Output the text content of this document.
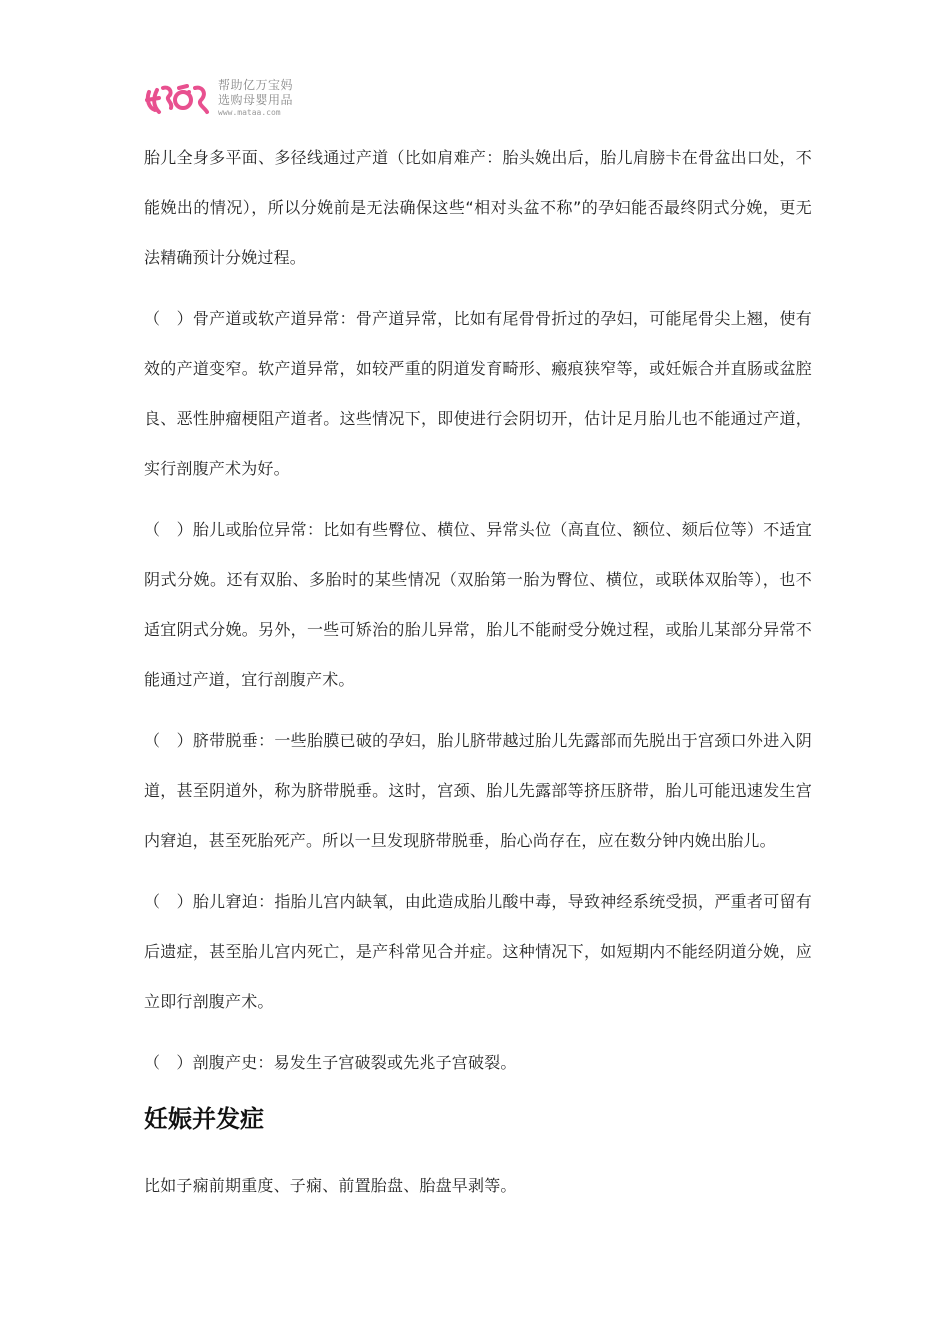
帮助亿万宝妈
选购母婴用品
www.mataa.com

胎儿全身多平面、多径线通过产道（比如肩难产：胎头娩出后，胎儿肩膀卡在骨盆出口处，不能娩出的情况），所以分娩前是无法确保这些“相对头盆不称”的孕妇能否最终阴式分娩，更无法精确预计分娩过程。

（　）骨产道或软产道异常：骨产道异常，比如有尾骨骨折过的孕妇，可能尾骨尖上翘，使有效的产道变窄。软产道异常，如较严重的阴道发育畸形、瘢痕狭窄等，或妊娠合并直肠或盆腔良、恶性肿瘤梗阻产道者。这些情况下，即使进行会阴切开，估计足月胎儿也不能通过产道，实行剖腹产术为好。

（　）胎儿或胎位异常：比如有些臀位、横位、异常头位（高直位、额位、颏后位等）不适宜阴式分娩。还有双胎、多胎时的某些情况（双胎第一胎为臀位、横位，或联体双胎等），也不适宜阴式分娩。另外，一些可矫治的胎儿异常，胎儿不能耐受分娩过程，或胎儿某部分异常不能通过产道，宜行剖腹产术。

（　）脐带脱垂：一些胎膜已破的孕妇，胎儿脐带越过胎儿先露部而先脱出于宫颈口外进入阴道，甚至阴道外，称为脐带脱垂。这时，宫颈、胎儿先露部等挤压脐带，胎儿可能迅速发生宫内窘迫，甚至死胎死产。所以一旦发现脐带脱垂，胎心尚存在，应在数分钟内娩出胎儿。

（　）胎儿窘迫：指胎儿宫内缺氧，由此造成胎儿酸中毒，导致神经系统受损，严重者可留有后遗症，甚至胎儿宫内死亡，是产科常见合并症。这种情况下，如短期内不能经阴道分娩，应立即行剖腹产术。

（　）剖腹产史：易发生子宫破裂或先兆子宫破裂。

妊娠并发症

比如子痫前期重度、子痫、前置胎盘、胎盘早剥等。
